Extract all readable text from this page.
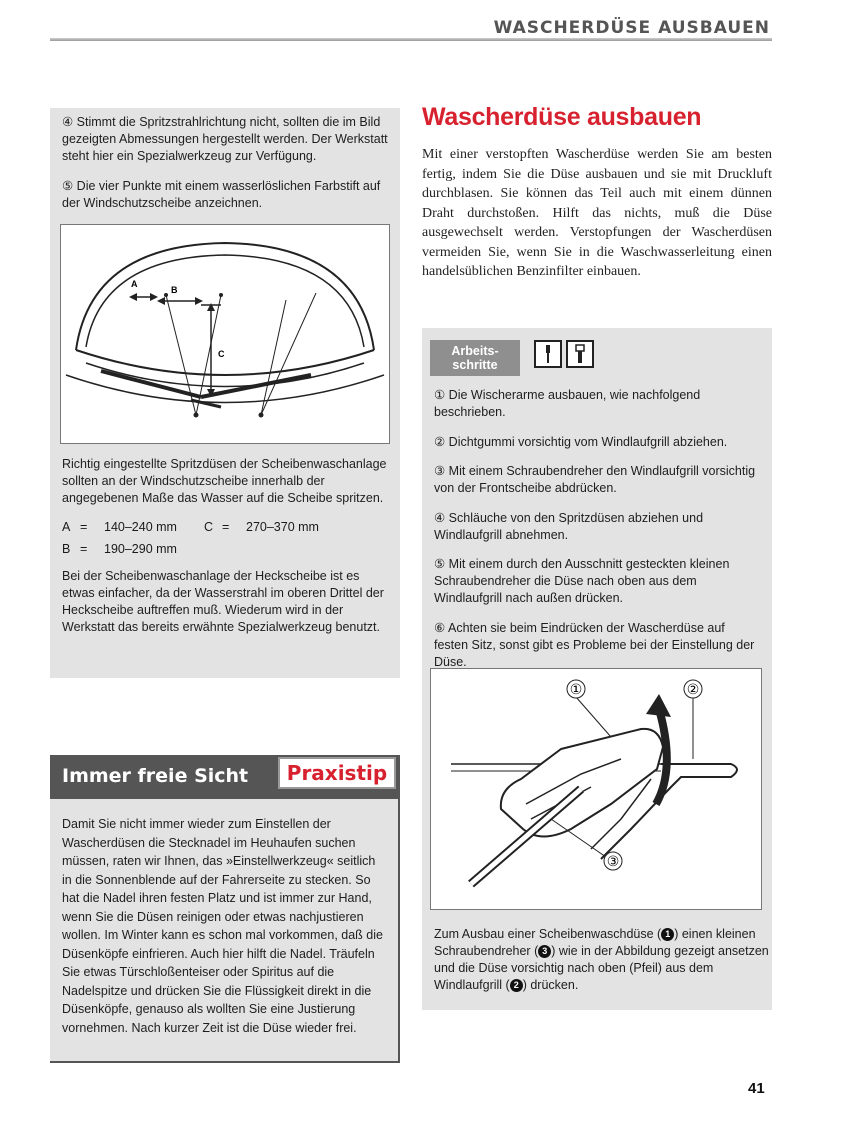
WASCHERDÜSE AUSBAUEN

④ Stimmt die Spritzstrahlrichtung nicht, sollten die im Bild gezeigten Abmessungen hergestellt werden. Der Werkstatt steht hier ein Spezialwerkzeug zur Verfügung.

⑤ Die vier Punkte mit einem wasserlöslichen Farbstift auf der Windschutzscheibe anzeichnen.

A
B
C

Richtig eingestellte Spritzdüsen der Scheibenwaschanlage sollten an der Windschutzscheibe innerhalb der angegebenen Maße das Wasser auf die Scheibe spritzen.

A =	140–240 mm	C =	270–370 mm
B =	190–290 mm

Bei der Scheibenwaschanlage der Heckscheibe ist es etwas einfacher, da der Wasserstrahl im oberen Drittel der Heckscheibe auftreffen muß. Wiederum wird in der Werkstatt das bereits erwähnte Spezialwerkzeug benutzt.

Wascherdüse ausbauen
Mit einer verstopften Wascherdüse werden Sie am besten fertig, indem Sie die Düse ausbauen und sie mit Druckluft durchblasen. Sie können das Teil auch mit einem dünnen Draht durchstoßen. Hilft das nichts, muß die Düse ausgewechselt werden. Verstopfungen der Wascherdüsen vermeiden Sie, wenn Sie in die Waschwasserleitung einen handelsüblichen Benzinfilter einbauen.
Arbeits-
schritte

① Die Wischerarme ausbauen, wie nachfolgend beschrieben.

② Dichtgummi vorsichtig vom Windlaufgrill abziehen.

③ Mit einem Schraubendreher den Windlaufgrill vorsichtig von der Frontscheibe abdrücken.

④ Schläuche von den Spritzdüsen abziehen und Windlaufgrill abnehmen.

⑤ Mit einem durch den Ausschnitt gesteckten kleinen Schraubendreher die Düse nach oben aus dem Windlaufgrill nach außen drücken.

⑥ Achten sie beim Eindrücken der Wascherdüse auf festen Sitz, sonst gibt es Probleme bei der Einstellung der Düse.

①	②
③

Zum Ausbau einer Scheibenwaschdüse ( 1 ) einen kleinen Schraubendreher ( 3 ) wie in der Abbildung gezeigt ansetzen und die Düse vorsichtig nach oben (Pfeil) aus dem Windlaufgrill ( 2 ) drücken.

Immer freie Sicht	Praxistip

Damit Sie nicht immer wieder zum Einstellen der Wascherdüsen die Stecknadel im Heuhaufen suchen müssen, raten wir Ihnen, das »Einstellwerkzeug« seitlich in die Sonnenblende auf der Fahrerseite zu stecken. So hat die Nadel ihren festen Platz und ist immer zur Hand, wenn Sie die Düsen reinigen oder etwas nachjustieren wollen. Im Winter kann es schon mal vorkommen, daß die Düsenköpfe einfrieren. Auch hier hilft die Nadel. Träufeln Sie etwas Türschloßenteiser oder Spiritus auf die Nadelspitze und drücken Sie die Flüssigkeit direkt in die Düsenköpfe, genauso als wollten Sie eine Justierung vornehmen. Nach kurzer Zeit ist die Düse wieder frei.

41
